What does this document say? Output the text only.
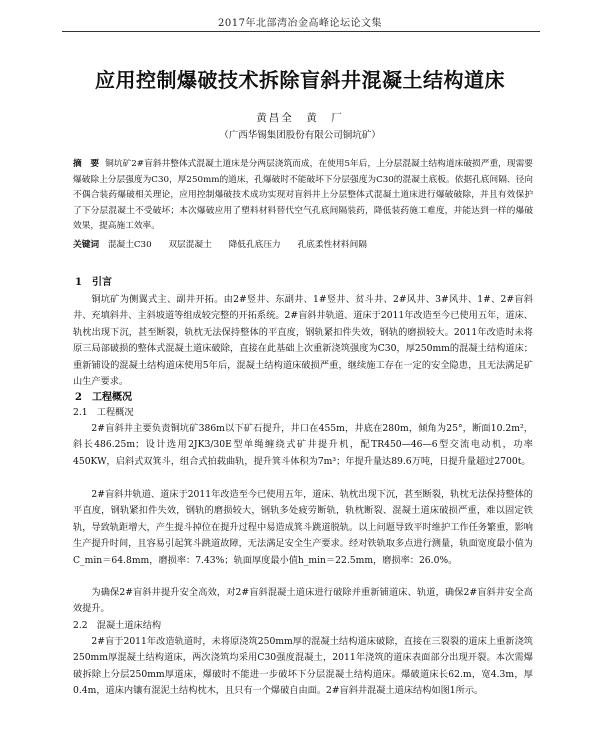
2017年北部湾冶金高峰论坛论文集
应用控制爆破技术拆除盲斜井混凝土结构道床
黄昌全　黄　厂
（广西华锡集团股份有限公司铜坑矿）
摘　要 铜坑矿2#盲斜井整体式混凝土道床是分两层浇筑而成，在使用5年后，上分层混凝土结构道床破损严重，现需要爆破除上分层强度为C30，厚250mm的道床，孔爆破时不能破坏下分层强度为C30的混凝土底板。依据孔底间隔、径向不偶合装药爆破相关理论，应用控制爆破技术成功实现对盲斜井上分层整体式混凝土道床进行爆破破除，并且有效保护了下分层混凝土不受破坏；本次爆破应用了塑料材料替代空气孔底间隔装药，降低装药施工难度，并能达到一样的爆破效果，提高施工效率。
关键词 混凝土C30 双层混凝土 降低孔底压力 孔底柔性材料间隔
1　引言

铜坑矿为侧翼式主、副井开拓。由2#竖井、东副井、1#竖井、贫斗井、2#风井、3#风井、1#、2#盲斜井、充填斜井、主斜坡道等组成较完整的开拓系统。2#盲斜井轨道、道床于2011年改造至今已使用五年，道床、轨枕出现下沉，甚至断裂，轨枕无法保持整体的平直度，钢轨紧扣件失效，钢轨的磨损较大。2011年改造时未将原三局部破损的整体式混凝土道床破除，直接在此基础上次重新浇筑强度为C30，厚250mm的混凝土结构道床；重新铺设的混凝土结构道床使用5年后，混凝土结构道床破损严重，继续施工存在一定的安全隐患，且无法满足矿山生产要求。

2　工程概况
2.1　工程概况

2#盲斜井主要负责铜坑矿386m以下矿石提升，井口在455m，井底在280m，倾角为25°，断面10.2m²，斜长486.25m；设计选用2JK3/30E型单绳缠绕式矿井提升机，配TR450—46—6型交流电动机，功率450KW，启斜式双箕斗，组合式拍载曲轨，提升箕斗体积为7m³；年提升量达89.6万吨，日提升量超过2700t。

2#盲斜井轨道、道床于2011年改造至今已使用五年，道床、轨枕出现下沉，甚至断裂，轨枕无法保持整体的平直度，钢轨紧扣件失效，钢轨的磨损较大，钢轨多处疲劳断轨，轨枕断裂、混凝土道床破损严重，难以固定铁轨，导致轨距增大，产生提斗掉位在提升过程中易造成箕斗跳道脱轨。以上问题导致平时维护工作任务繁重，影响生产提升时间，且容易引起箕斗跳道故障，无法满足安全生产要求。经对铁轨取多点进行测量，轨面宽度最小值为C_min＝64.8mm，磨损率：7.43%；轨面厚度最小值h_min＝22.5mm，磨损率：26.0%。

为确保2#盲斜井提升安全高效，对2#盲斜混凝土道床进行破除并重新铺道床、轨道，确保2#盲斜井安全高效提升。

2.2　混凝土道床结构

2#盲于2011年改造轨道时，未将原浇筑250mm厚的混凝土结构道床破除，直接在三裂裂的道床上重新浇筑250mm厚混凝土结构道床，两次浇筑均采用C30强度混凝土，2011年浇筑的道床表面部分出现开裂。本次需爆破拆除上分层250mm厚道床，爆破时不能进一步破坏下分层混凝土结构道床。爆破道床长62.m，宽4.3m，厚0.4m，道床内镶有混泥土结构枕木，且只有一个爆破自由面。2#盲斜井混凝土道床结构如图1所示。
